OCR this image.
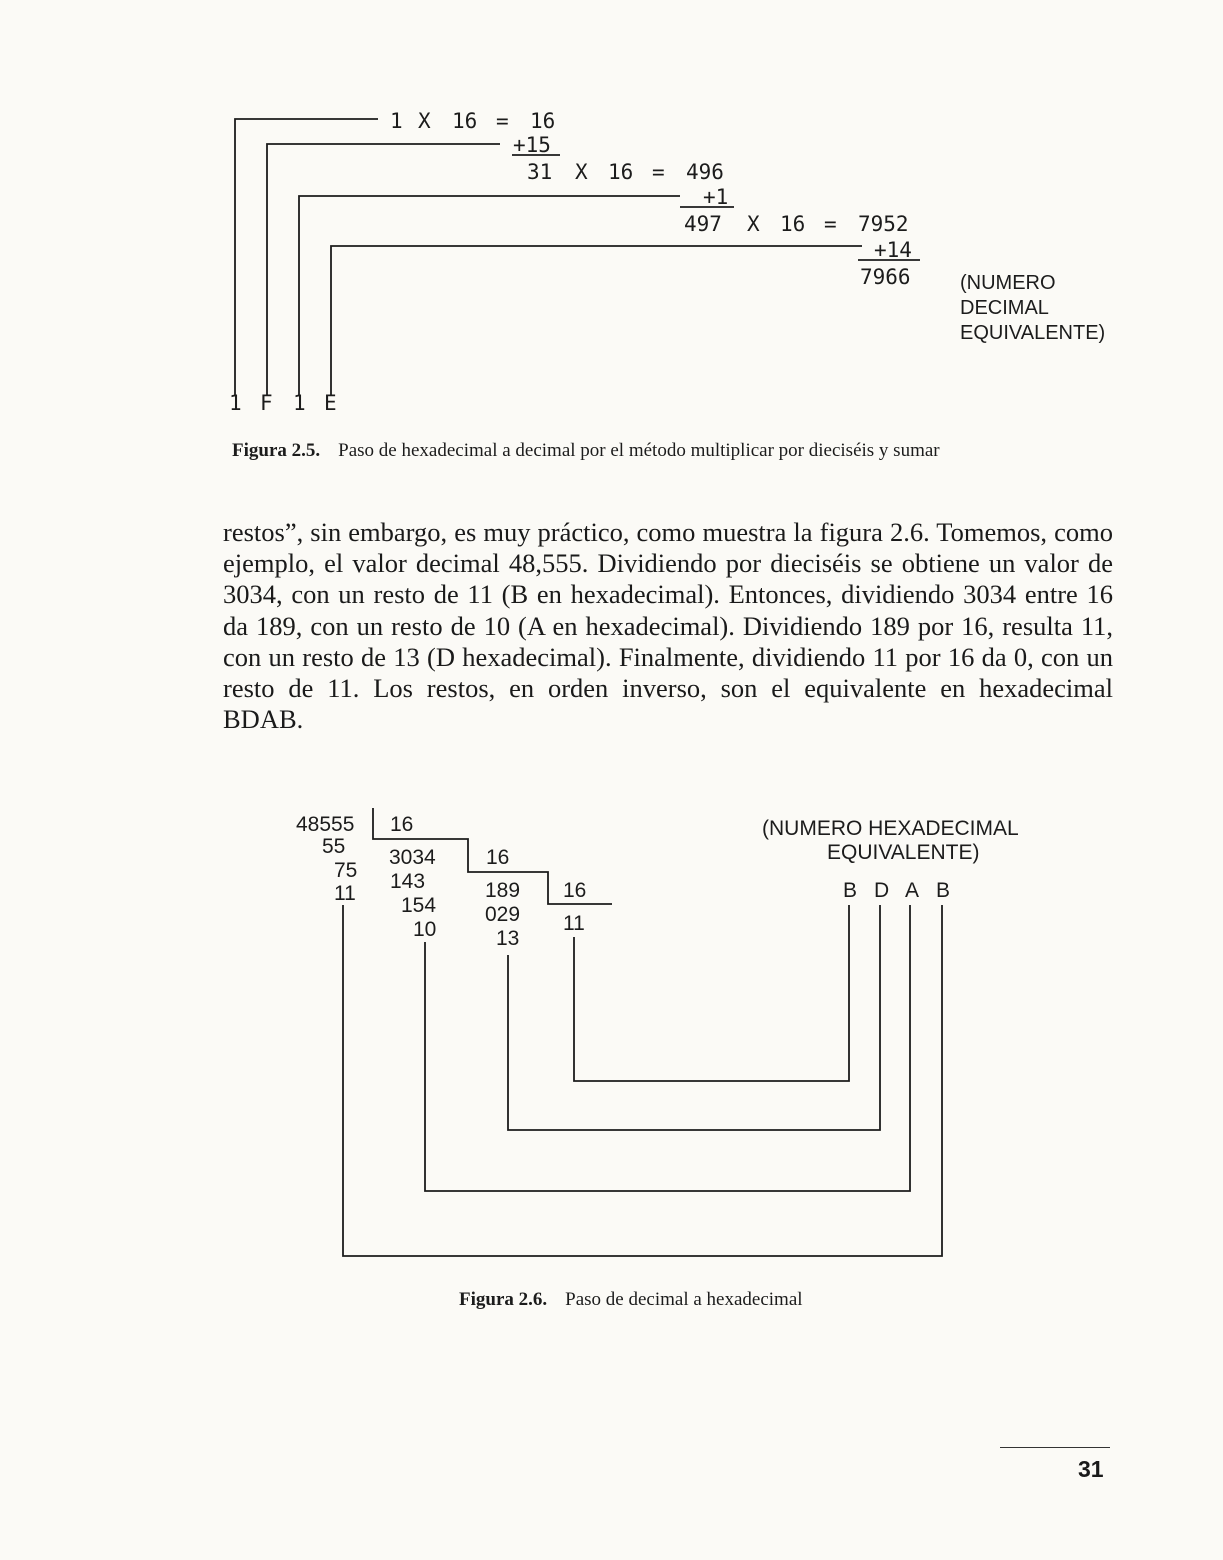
1 X 16 = 16
+15
31 X 16 = 496
+1
497 X 16 = 7952
+14
7966 (NUMERO
DECIMAL
EQUIVALENTE)
1 F 1 E
Figura 2.5. Paso de hexadecimal a decimal por el método multiplicar por dieciséis y sumar

restos”, sin embargo, es muy práctico, como muestra la figura 2.6. Tomemos, como ejemplo, el valor decimal 48,555. Dividiendo por dieciséis se obtiene un valor de 3034, con un resto de 11 (B en hexadecimal). Entonces, dividiendo 3034 entre 16 da 189, con un resto de 10 (A en hexadecimal). Dividiendo 189 por 16, resulta 11, con un resto de 13 (D hexadecimal). Finalmente, dividiendo 11 por 16 da 0, con un resto de 11. Los restos, en orden inverso, son el equivalente en hexadecimal BDAB.

48555
55
75
11
16
3034
143
154
10
16
189
029
13
16
11
(NUMERO HEXADECIMAL
EQUIVALENTE)
B D A B
Figura 2.6. Paso de decimal a hexadecimal
31
